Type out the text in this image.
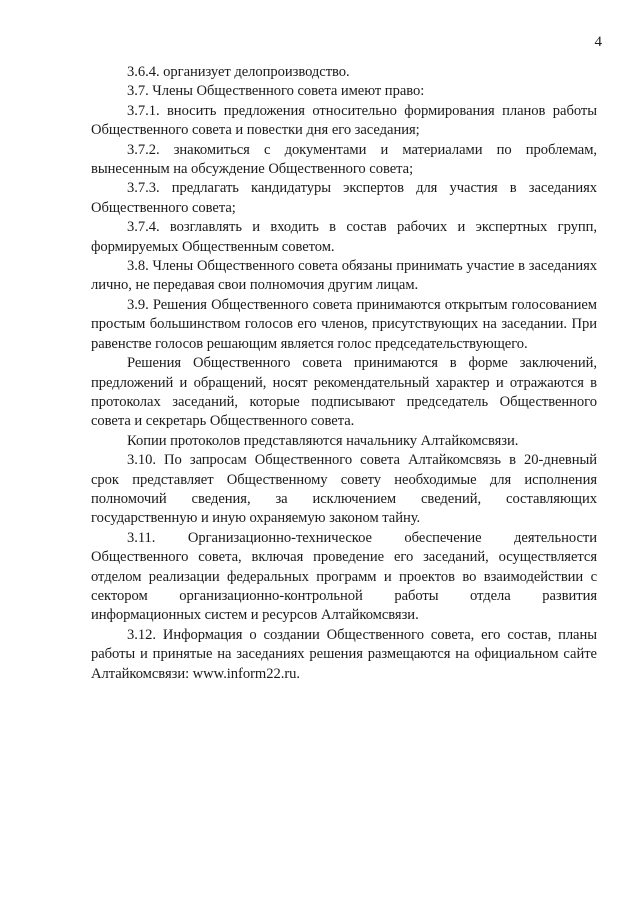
4

3.6.4. организует делопроизводство.

3.7. Члены Общественного совета имеют право:

3.7.1. вносить предложения относительно формирования планов работы Общественного совета и повестки дня его заседания;

3.7.2. знакомиться с документами и материалами по проблемам, вынесенным на обсуждение Общественного совета;

3.7.3. предлагать кандидатуры экспертов для участия в заседаниях Общественного совета;

3.7.4. возглавлять и входить в состав рабочих и экспертных групп, формируемых Общественным советом.

3.8. Члены Общественного совета обязаны принимать участие в заседаниях лично, не передавая свои полномочия другим лицам.

3.9. Решения Общественного совета принимаются открытым голосованием простым большинством голосов его членов, присутствующих на заседании. При равенстве голосов решающим является голос председательствующего.

Решения Общественного совета принимаются в форме заключений, предложений и обращений, носят рекомендательный характер и отражаются в протоколах заседаний, которые подписывают председатель Общественного совета и секретарь Общественного совета.

Копии протоколов представляются начальнику Алтайкомсвязи.

3.10. По запросам Общественного совета Алтайкомсвязь в 20-дневный срок представляет Общественному совету необходимые для исполнения полномочий сведения, за исключением сведений, составляющих государственную и иную охраняемую законом тайну.

3.11. Организационно-техническое обеспечение деятельности Общественного совета, включая проведение его заседаний, осуществляется отделом реализации федеральных программ и проектов во взаимодействии с сектором организационно-контрольной работы отдела развития информационных систем и ресурсов Алтайкомсвязи.

3.12. Информация о создании Общественного совета, его состав, планы работы и принятые на заседаниях решения размещаются на официальном сайте Алтайкомсвязи: www.inform22.ru.
